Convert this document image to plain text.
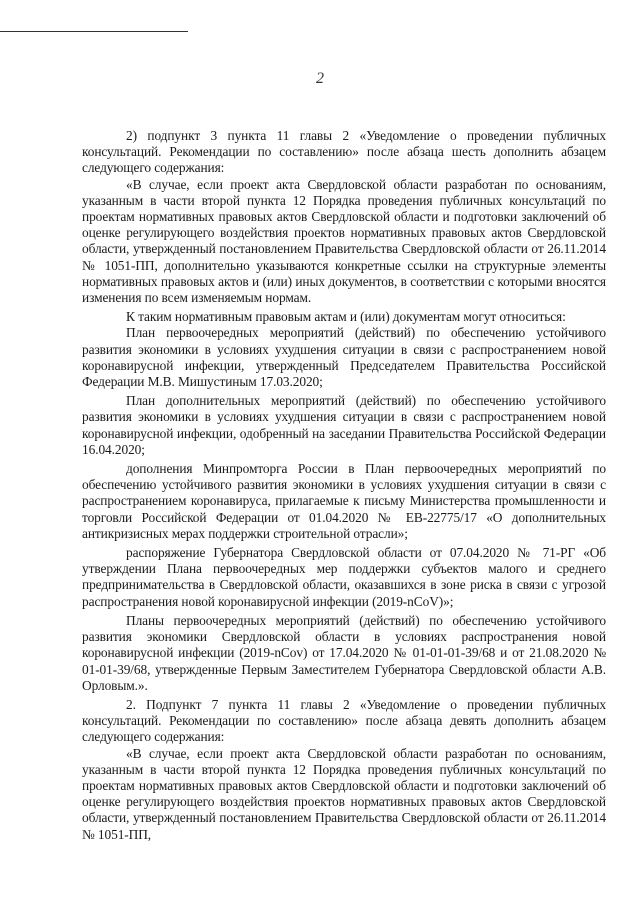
2

2) подпункт 3 пункта 11 главы 2 «Уведомление о проведении публичных консультаций. Рекомендации по составлению» после абзаца шесть дополнить абзацем следующего содержания:

«В случае, если проект акта Свердловской области разработан по основаниям, указанным в части второй пункта 12 Порядка проведения публичных консультаций по проектам нормативных правовых актов Свердловской области и подготовки заключений об оценке регулирующего воздействия проектов нормативных правовых актов Свердловской области, утвержденный постановлением Правительства Свердловской области от 26.11.2014 № 1051-ПП, дополнительно указываются конкретные ссылки на структурные элементы нормативных правовых актов и (или) иных документов, в соответствии с которыми вносятся изменения по всем изменяемым нормам.

К таким нормативным правовым актам и (или) документам могут относиться:

План первоочередных мероприятий (действий) по обеспечению устойчивого развития экономики в условиях ухудшения ситуации в связи с распространением новой коронавирусной инфекции, утвержденный Председателем Правительства Российской Федерации М.В. Мишустиным 17.03.2020;

План дополнительных мероприятий (действий) по обеспечению устойчивого развития экономики в условиях ухудшения ситуации в связи с распространением новой коронавирусной инфекции, одобренный на заседании Правительства Российской Федерации 16.04.2020;

дополнения Минпромторга России в План первоочередных мероприятий по обеспечению устойчивого развития экономики в условиях ухудшения ситуации в связи с распространением коронавируса, прилагаемые к письму Министерства промышленности и торговли Российской Федерации от 01.04.2020 № ЕВ-22775/17 «О дополнительных антикризисных мерах поддержки строительной отрасли»;

распоряжение Губернатора Свердловской области от 07.04.2020 № 71-РГ «Об утверждении Плана первоочередных мер поддержки субъектов малого и среднего предпринимательства в Свердловской области, оказавшихся в зоне риска в связи с угрозой распространения новой коронавирусной инфекции (2019-nCoV)»;

Планы первоочередных мероприятий (действий) по обеспечению устойчивого развития экономики Свердловской области в условиях распространения новой коронавирусной инфекции (2019-nCov) от 17.04.2020 № 01-01-01-39/68 и от 21.08.2020 № 01-01-39/68, утвержденные Первым Заместителем Губернатора Свердловской области А.В. Орловым.».

2. Подпункт 7 пункта 11 главы 2 «Уведомление о проведении публичных консультаций. Рекомендации по составлению» после абзаца девять дополнить абзацем следующего содержания:

«В случае, если проект акта Свердловской области разработан по основаниям, указанным в части второй пункта 12 Порядка проведения публичных консультаций по проектам нормативных правовых актов Свердловской области и подготовки заключений об оценке регулирующего воздействия проектов нормативных правовых актов Свердловской области, утвержденный постановлением Правительства Свердловской области от 26.11.2014 № 1051-ПП,
